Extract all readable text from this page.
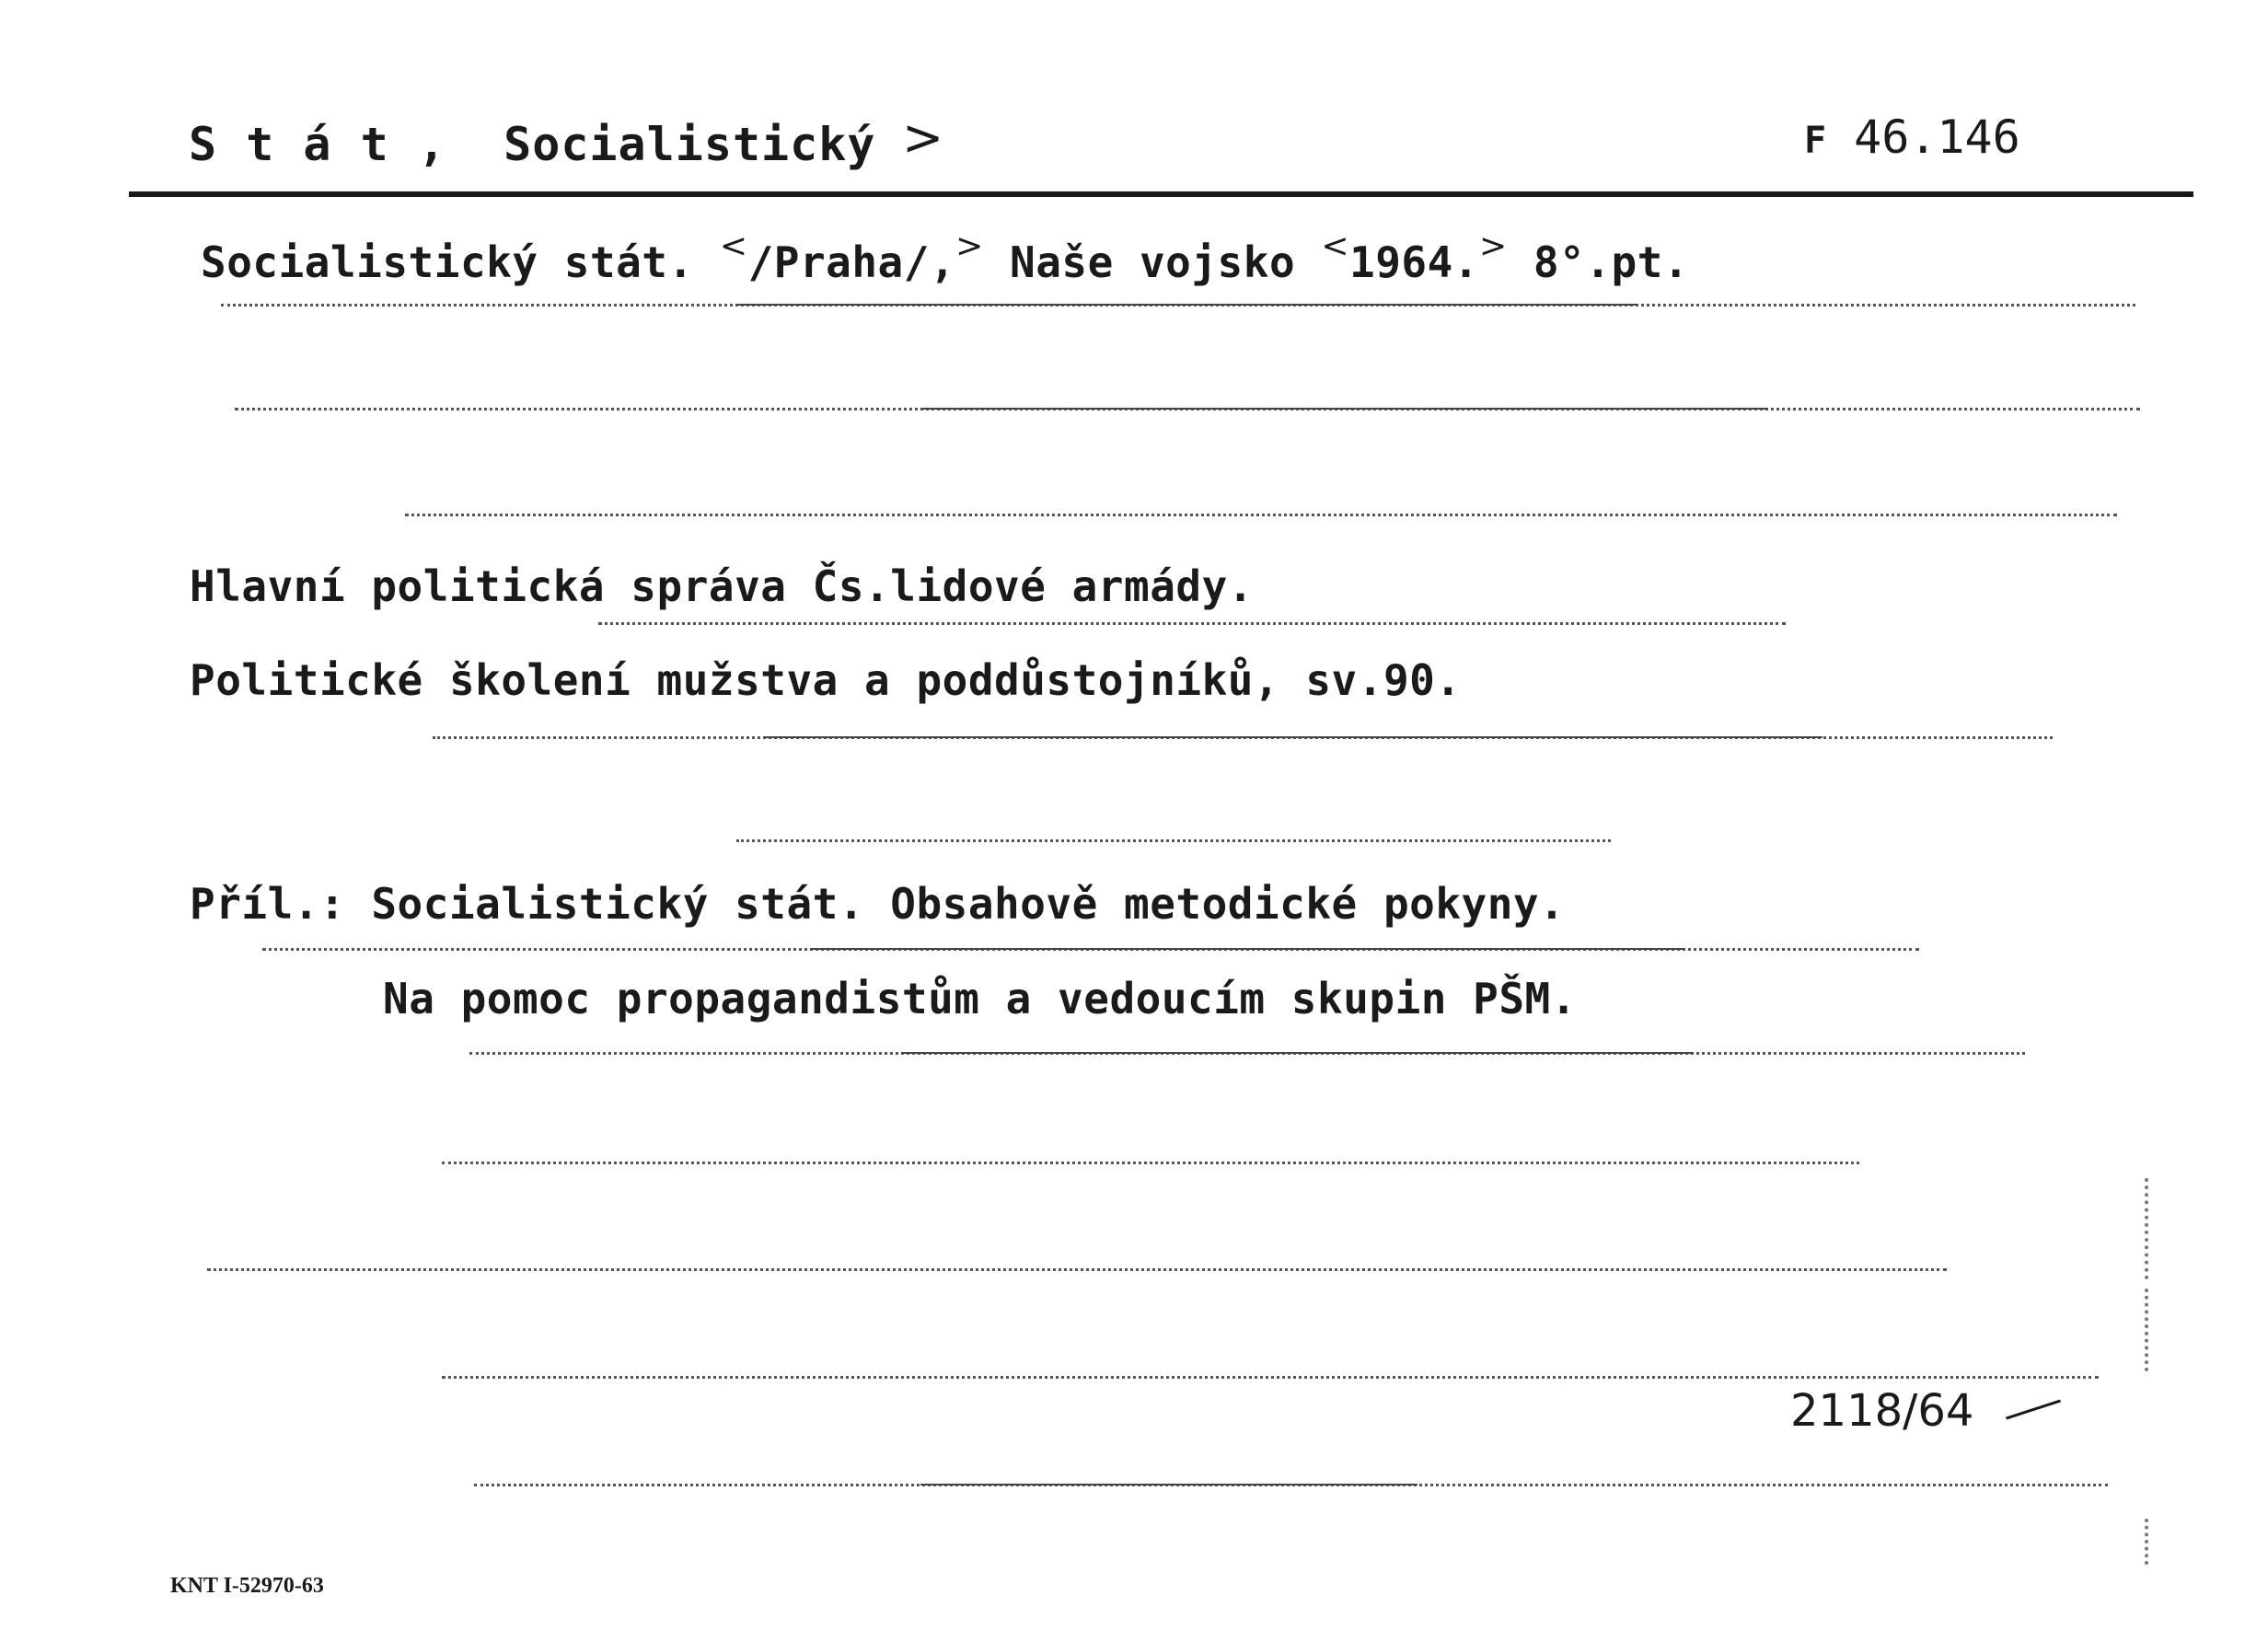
S t á t ,  Socialistický >	F 46.146
Socialistický stát. </Praha/,> Naše vojsko <1964.> 8°.pt.
Hlavní politická správa Čs.lidové armády.
Politické školení mužstva a poddůstojníků, sv.90.
Příl.: Socialistický stát. Obsahově metodické pokyny.
Na pomoc propagandistům a vedoucím skupin PŠM.
2118/64
KNT I-52970-63
